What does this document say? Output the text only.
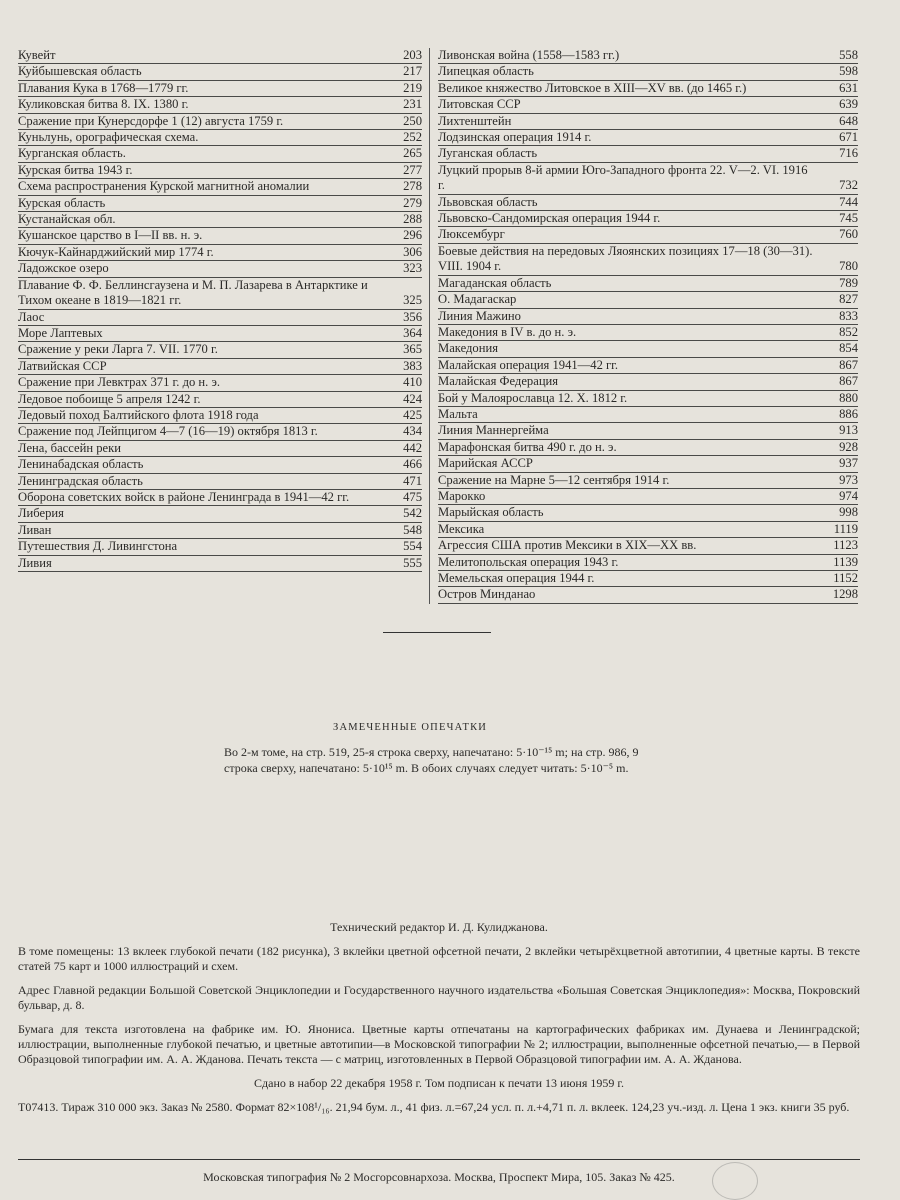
Кувейт	203
Куйбышевская область	217
Плавания Кука в 1768—1779 гг.	219
Куликовская битва 8. IX. 1380 г.	231
Сражение при Кунерсдорфе 1 (12) августа 1759 г.	250
Куньлунь, орографическая схема.	252
Курганская область.	265
Курская битва 1943 г.	277
Схема распространения Курской магнитной аномалии	278
Курская область	279
Кустанайская обл.	288
Кушанское царство в I—II вв. н. э.	296
Кючук-Кайнарджийский мир 1774 г.	306
Ладожское озеро	323
Плавание Ф. Ф. Беллинсгаузена и М. П. Лазарева в Антарктике и Тихом океане в 1819—1821 гг.	325
Лаос	356
Море Лаптевых	364
Сражение у реки Ларга 7. VII. 1770 г.	365
Латвийская ССР	383
Сражение при Левктрах 371 г. до н. э.	410
Ледовое побоище 5 апреля 1242 г.	424
Ледовый поход Балтийского флота 1918 года	425
Сражение под Лейпцигом 4—7 (16—19) октября 1813 г.	434
Лена, бассейн реки	442
Ленинабадская область	466
Ленинградская область	471
Оборона советских войск в районе Ленинграда в 1941—42 гг.	475
Либерия	542
Ливан	548
Путешествия Д. Ливингстона	554
Ливия	555
Ливонская война (1558—1583 гг.)	558
Липецкая область	598
Великое княжество Литовское в XIII—XV вв. (до 1465 г.)	631
Литовская ССР	639
Лихтенштейн	648
Лодзинская операция 1914 г.	671
Луганская область	716
Луцкий прорыв 8-й армии Юго-Западного фронта 22. V—2. VI. 1916 г.	732
Львовская область	744
Львовско-Сандомирская операция 1944 г.	745
Люксембург	760
Боевые действия на передовых Ляоянских позициях 17—18 (30—31). VIII. 1904 г.	780
Магаданская область	789
О. Мадагаскар	827
Линия Мажино	833
Македония в IV в. до н. э.	852
Македония	854
Малайская операция 1941—42 гг.	867
Малайская Федерация	867
Бой у Малоярославца 12. X. 1812 г.	880
Мальта	886
Линия Маннергейма	913
Марафонская битва 490 г. до н. э.	928
Марийская АССР	937
Сражение на Марне 5—12 сентября 1914 г.	973
Марокко	974
Марыйская область	998
Мексика	1119
Агрессия США против Мексики в XIX—XX вв.	1123
Мелитопольская операция 1943 г.	1139
Мемельская операция 1944 г.	1152
Остров Минданао	1298
ЗАМЕЧЕННЫЕ ОПЕЧАТКИ
Во 2-м томе, на стр. 519, 25-я строка сверху, напечатано: 5·10⁻¹⁵ m; на стр. 986, 9 строка сверху, напечатано: 5·10¹⁵ m. В обоих случаях следует читать: 5·10⁻⁵ m.

Технический редактор И. Д. Кулиджанова.

В томе помещены: 13 вклеек глубокой печати (182 рисунка), 3 вклейки цветной офсетной печати, 2 вклейки четырёхцветной автотипии, 4 цветные карты. В тексте статей 75 карт и 1000 иллюстраций и схем.

Адрес Главной редакции Большой Советской Энциклопедии и Государственного научного издательства «Большая Советская Энциклопедия»: Москва, Покровский бульвар, д. 8.

Бумага для текста изготовлена на фабрике им. Ю. Янониса. Цветные карты отпечатаны на картографических фабриках им. Дунаева и Ленинградской; иллюстрации, выполненные глубокой печатью, и цветные автотипии—в Московской типографии № 2; иллюстрации, выполненные офсетной печатью,— в Первой Образцовой типографии им. А. А. Жданова. Печать текста — с матриц, изготовленных в Первой Образцовой типографии им. А. А. Жданова.

Сдано в набор 22 декабря 1958 г. Том подписан к печати 13 июня 1959 г.

Т07413. Тираж 310 000 экз. Заказ № 2580. Формат 82×108¹/₁₆. 21,94 бум. л., 41 физ. л.=67,24 усл. п. л.+4,71 п. л. вклеек. 124,23 уч.-изд. л. Цена 1 экз. книги 35 руб.

Московская типография № 2 Мосгорсовнархоза. Москва, Проспект Мира, 105. Заказ № 425.
